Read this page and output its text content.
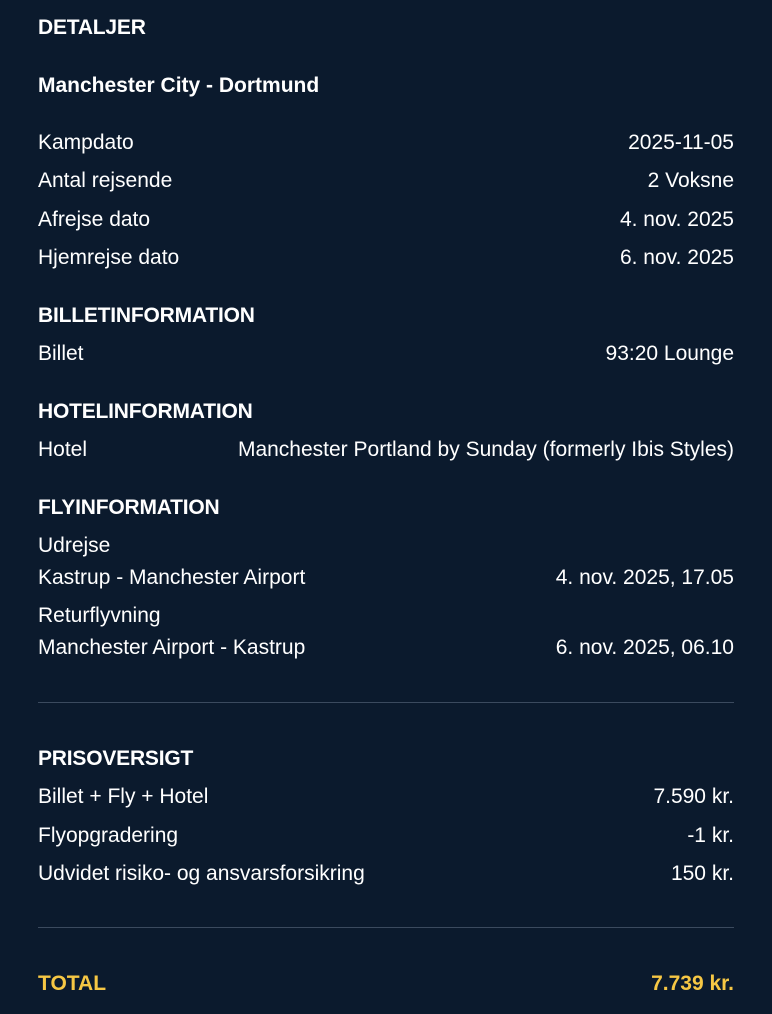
DETALJER
Manchester City - Dortmund
Kampdato	2025-11-05
Antal rejsende	2 Voksne
Afrejse dato	4. nov. 2025
Hjemrejse dato	6. nov. 2025
BILLETINFORMATION
Billet	93:20 Lounge
HOTELINFORMATION
Hotel	Manchester Portland by Sunday (formerly Ibis Styles)
FLYINFORMATION
Udrejse
Kastrup - Manchester Airport	4. nov. 2025, 17.05
Returflyvning
Manchester Airport - Kastrup	6. nov. 2025, 06.10
PRISOVERSIGT
Billet + Fly + Hotel	7.590 kr.
Flyopgradering	-1 kr.
Udvidet risiko- og ansvarsforsikring	150 kr.
TOTAL	7.739 kr.
